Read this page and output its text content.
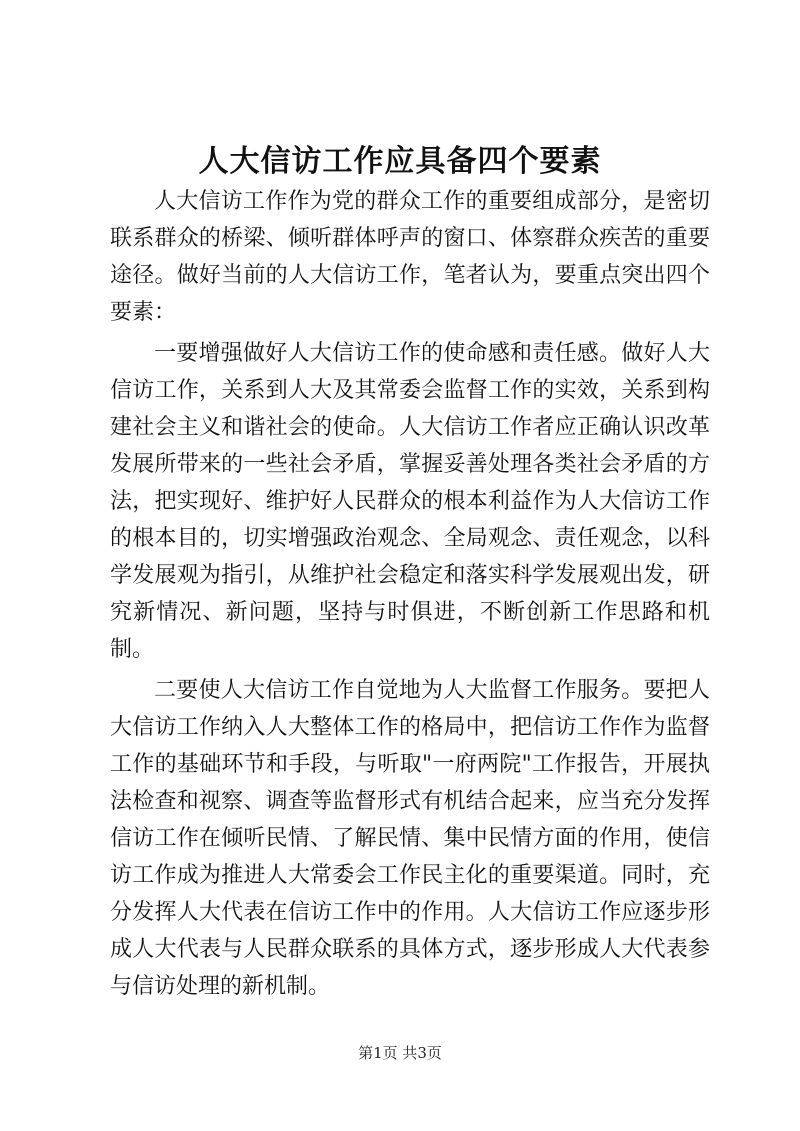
人大信访工作应具备四个要素

人大信访工作作为党的群众工作的重要组成部分，是密切联系群众的桥梁、倾听群体呼声的窗口、体察群众疾苦的重要途径。做好当前的人大信访工作，笔者认为，要重点突出四个要素：

一要增强做好人大信访工作的使命感和责任感。做好人大信访工作，关系到人大及其常委会监督工作的实效，关系到构建社会主义和谐社会的使命。人大信访工作者应正确认识改革发展所带来的一些社会矛盾，掌握妥善处理各类社会矛盾的方法，把实现好、维护好人民群众的根本利益作为人大信访工作的根本目的，切实增强政治观念、全局观念、责任观念，以科学发展观为指引，从维护社会稳定和落实科学发展观出发，研究新情况、新问题，坚持与时俱进，不断创新工作思路和机制。

二要使人大信访工作自觉地为人大监督工作服务。要把人大信访工作纳入人大整体工作的格局中，把信访工作作为监督工作的基础环节和手段，与听取"一府两院"工作报告，开展执法检查和视察、调查等监督形式有机结合起来，应当充分发挥信访工作在倾听民情、了解民情、集中民情方面的作用，使信访工作成为推进人大常委会工作民主化的重要渠道。同时，充分发挥人大代表在信访工作中的作用。人大信访工作应逐步形成人大代表与人民群众联系的具体方式，逐步形成人大代表参与信访处理的新机制。

第1页 共3页
